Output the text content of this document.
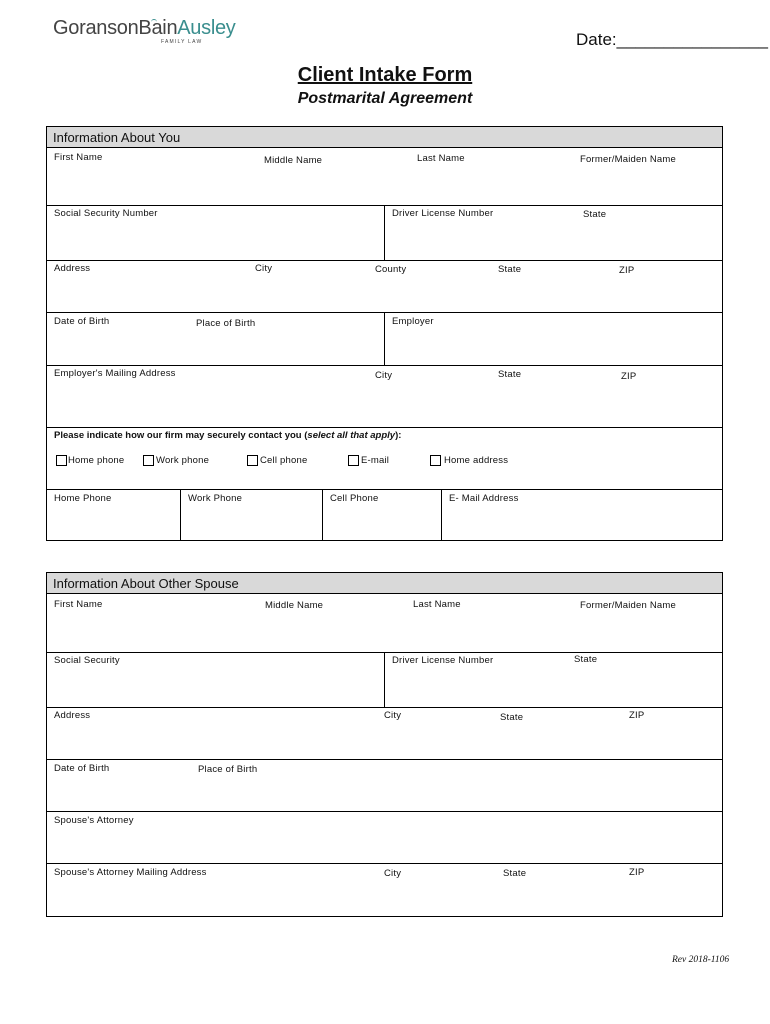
GoransonBainAusley
FAMILY LAW	Date:________________
Client Intake Form
Postmarital Agreement
Information About You
First Name	Middle Name	Last Name	Former/Maiden Name
Social Security Number	Driver License Number	State
Address	City	County	State	ZIP
Date of Birth	Place of Birth	Employer
Employer's Mailing Address	City	State	ZIP
Please indicate how our firm may securely contact you (select all that apply):
Home phone	Work phone	Cell phone	E-mail	Home address
Home Phone	Work Phone	Cell Phone	E- Mail Address
Information About Other Spouse
First Name	Middle Name	Last Name	Former/Maiden Name
Social Security	Driver License Number	State
Address	City	State	ZIP
Date of Birth	Place of Birth
Spouse's Attorney
Spouse's Attorney Mailing Address	City	State	ZIP
Rev 2018-1106
